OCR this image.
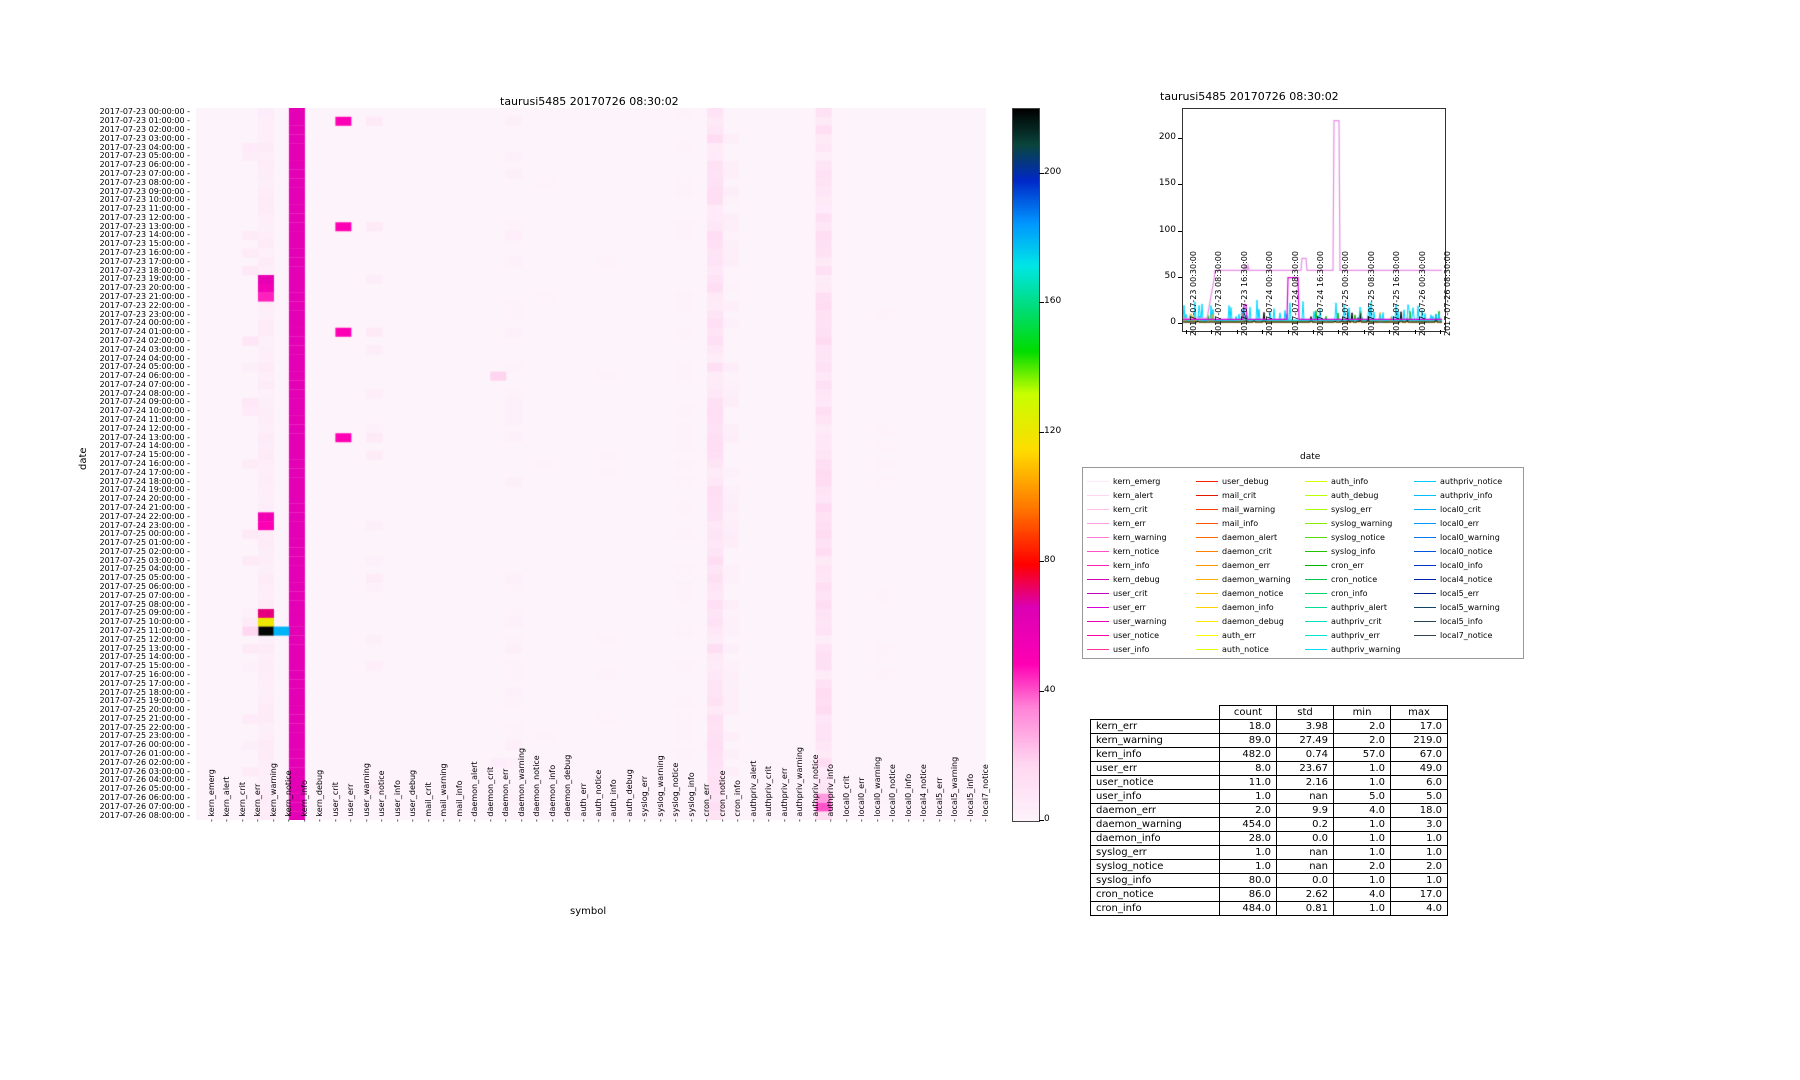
taurusi5485 20170726 08:30:02
date
symbol
2017-07-23 00:00:00 -
2017-07-23 01:00:00 -
2017-07-23 02:00:00 -
2017-07-23 03:00:00 -
2017-07-23 04:00:00 -
2017-07-23 05:00:00 -
2017-07-23 06:00:00 -
2017-07-23 07:00:00 -
2017-07-23 08:00:00 -
2017-07-23 09:00:00 -
2017-07-23 10:00:00 -
2017-07-23 11:00:00 -
2017-07-23 12:00:00 -
2017-07-23 13:00:00 -
2017-07-23 14:00:00 -
2017-07-23 15:00:00 -
2017-07-23 16:00:00 -
2017-07-23 17:00:00 -
2017-07-23 18:00:00 -
2017-07-23 19:00:00 -
2017-07-23 20:00:00 -
2017-07-23 21:00:00 -
2017-07-23 22:00:00 -
2017-07-23 23:00:00 -
2017-07-24 00:00:00 -
2017-07-24 01:00:00 -
2017-07-24 02:00:00 -
2017-07-24 03:00:00 -
2017-07-24 04:00:00 -
2017-07-24 05:00:00 -
2017-07-24 06:00:00 -
2017-07-24 07:00:00 -
2017-07-24 08:00:00 -
2017-07-24 09:00:00 -
2017-07-24 10:00:00 -
2017-07-24 11:00:00 -
2017-07-24 12:00:00 -
2017-07-24 13:00:00 -
2017-07-24 14:00:00 -
2017-07-24 15:00:00 -
2017-07-24 16:00:00 -
2017-07-24 17:00:00 -
2017-07-24 18:00:00 -
2017-07-24 19:00:00 -
2017-07-24 20:00:00 -
2017-07-24 21:00:00 -
2017-07-24 22:00:00 -
2017-07-24 23:00:00 -
2017-07-25 00:00:00 -
2017-07-25 01:00:00 -
2017-07-25 02:00:00 -
2017-07-25 03:00:00 -
2017-07-25 04:00:00 -
2017-07-25 05:00:00 -
2017-07-25 06:00:00 -
2017-07-25 07:00:00 -
2017-07-25 08:00:00 -
2017-07-25 09:00:00 -
2017-07-25 10:00:00 -
2017-07-25 11:00:00 -
2017-07-25 12:00:00 -
2017-07-25 13:00:00 -
2017-07-25 14:00:00 -
2017-07-25 15:00:00 -
2017-07-25 16:00:00 -
2017-07-25 17:00:00 -
2017-07-25 18:00:00 -
2017-07-25 19:00:00 -
2017-07-25 20:00:00 -
2017-07-25 21:00:00 -
2017-07-25 22:00:00 -
2017-07-25 23:00:00 -
2017-07-26 00:00:00 -
2017-07-26 01:00:00 -
2017-07-26 02:00:00 -
2017-07-26 03:00:00 -
2017-07-26 04:00:00 -
2017-07-26 05:00:00 -
2017-07-26 06:00:00 -
2017-07-26 07:00:00 -
2017-07-26 08:00:00 - - kern_emerg - kern_alert - kern_crit - kern_err - kern_warning - kern_notice - kern_info - kern_debug - user_crit - user_err - user_warning - user_notice - user_info - user_debug - mail_crit - mail_warning - mail_info - daemon_alert - daemon_crit - daemon_err - daemon_warning - daemon_notice - daemon_info - daemon_debug - auth_err - auth_notice - auth_info - auth_debug - syslog_err - syslog_warning - syslog_notice - syslog_info - cron_err - cron_notice - cron_info - authpriv_alert - authpriv_crit - authpriv_err - authpriv_warning - authpriv_notice - authpriv_info - local0_crit - local0_err - local0_warning - local0_notice - local0_info - local4_notice - local5_err - local5_warning - local5_info - local7_notice	0
40
80
120
160
200
taurusi5485 20170726 08:30:02
date
0
50
100
150
200
2017-07-23 00:30:00 2017-07-23 08:30:00 2017-07-23 16:30:00 2017-07-24 00:30:00 2017-07-24 08:30:00 2017-07-24 16:30:00 2017-07-25 00:30:00 2017-07-25 08:30:00 2017-07-25 16:30:00 2017-07-26 00:30:00 2017-07-26 08:30:00
kern_emerg
kern_alert
kern_crit
kern_err
kern_warning
kern_notice
kern_info
kern_debug
user_crit
user_err
user_warning
user_notice
user_info
user_debug
mail_crit
mail_warning
mail_info
daemon_alert
daemon_crit
daemon_err
daemon_warning
daemon_notice
daemon_info
daemon_debug
auth_err
auth_notice
auth_info
auth_debug
syslog_err
syslog_warning
syslog_notice
syslog_info
cron_err
cron_notice
cron_info
authpriv_alert
authpriv_crit
authpriv_err
authpriv_warning
authpriv_notice
authpriv_info
local0_crit
local0_err
local0_warning
local0_notice
local0_info
local4_notice
local5_err
local5_warning
local5_info
local7_notice
	count	std	min	max
kern_err	18.0	3.98	2.0	17.0
kern_warning	89.0	27.49	2.0	219.0
kern_info	482.0	0.74	57.0	67.0
user_err	8.0	23.67	1.0	49.0
user_notice	11.0	2.16	1.0	6.0
user_info	1.0	nan	5.0	5.0
daemon_err	2.0	9.9	4.0	18.0
daemon_warning	454.0	0.2	1.0	3.0
daemon_info	28.0	0.0	1.0	1.0
syslog_err	1.0	nan	1.0	1.0
syslog_notice	1.0	nan	2.0	2.0
syslog_info	80.0	0.0	1.0	1.0
cron_notice	86.0	2.62	4.0	17.0
cron_info	484.0	0.81	1.0	4.0
